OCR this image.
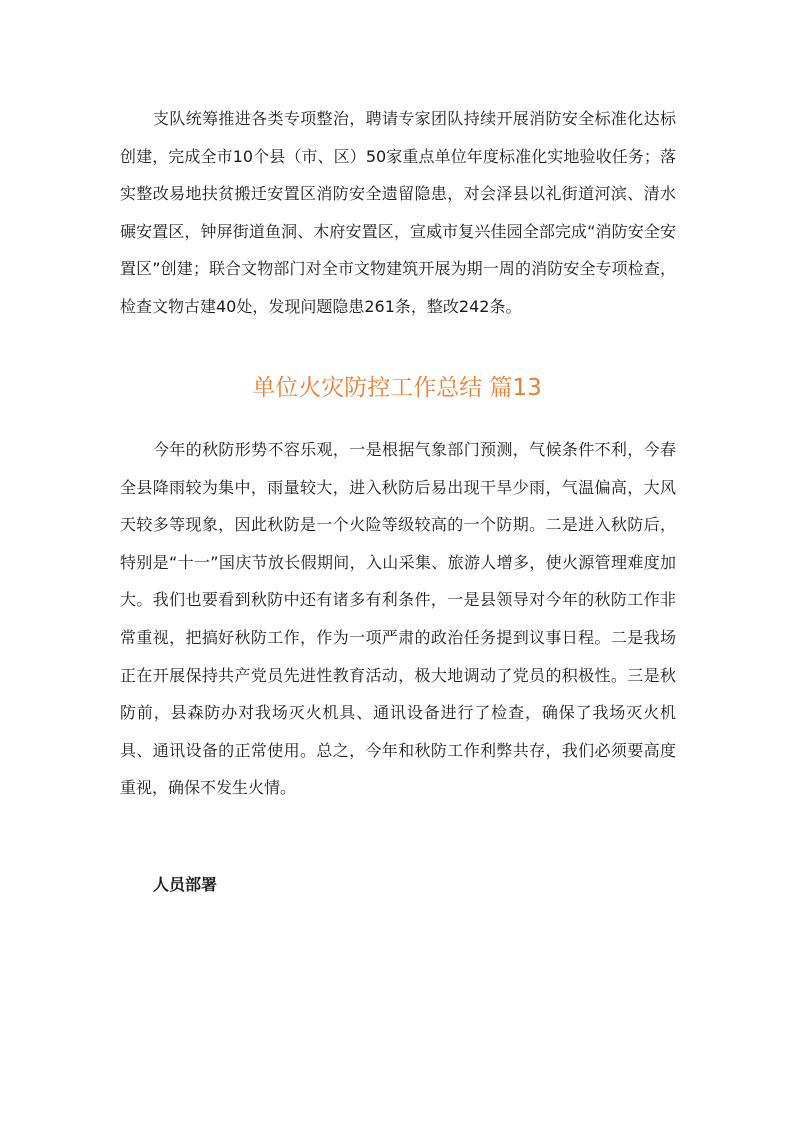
支队统筹推进各类专项整治，聘请专家团队持续开展消防安全标准化达标创建，完成全市10个县（市、区）50家重点单位年度标准化实地验收任务；落实整改易地扶贫搬迁安置区消防安全遗留隐患，对会泽县以礼街道河滨、清水碾安置区，钟屏街道鱼洞、木府安置区，宣威市复兴佳园全部完成“消防安全安置区”创建；联合文物部门对全市文物建筑开展为期一周的消防安全专项检查，检查文物古建40处，发现问题隐患261条，整改242条。

单位火灾防控工作总结 篇13

今年的秋防形势不容乐观，一是根据气象部门预测，气候条件不利，今春全县降雨较为集中，雨量较大，进入秋防后易出现干旱少雨，气温偏高，大风天较多等现象，因此秋防是一个火险等级较高的一个防期。二是进入秋防后，特别是“十一”国庆节放长假期间，入山采集、旅游人增多，使火源管理难度加大。我们也要看到秋防中还有诸多有利条件，一是县领导对今年的秋防工作非常重视，把搞好秋防工作，作为一项严肃的政治任务提到议事日程。二是我场正在开展保持共产党员先进性教育活动，极大地调动了党员的积极性。三是秋防前，县森防办对我场灭火机具、通讯设备进行了检查，确保了我场灭火机具、通讯设备的正常使用。总之，今年和秋防工作利弊共存，我们必须要高度重视，确保不发生火情。

人员部署
